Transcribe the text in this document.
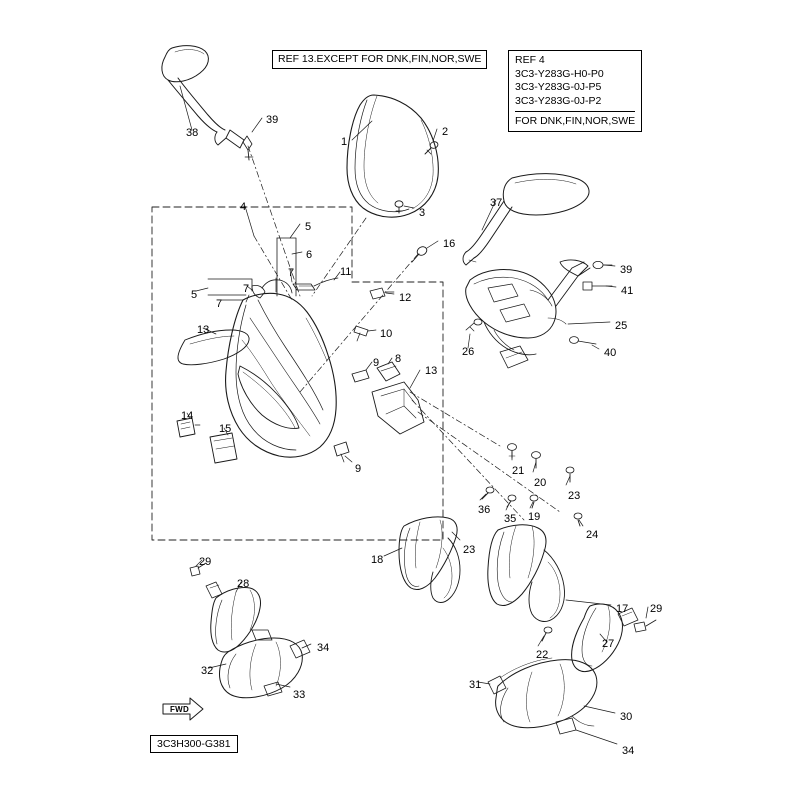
REF 13.EXCEPT FOR DNK,FIN,NOR,SWE	REF 4
3C3-Y283G-H0-P0
3C3-Y283G-0J-P5
3C3-Y283G-0J-P2
FOR DNK,FIN,NOR,SWE
3C3H300-G381
FWD
1
2
3
4
5
6
7
5	7
7
11
16
12
10
13
9 8
13
14
15
9
37
39
41
25
26	40
38
39
21
20
23
36
35 19
24
18
23
17
22
29
28
34
32
33
29
27
31
30
34
